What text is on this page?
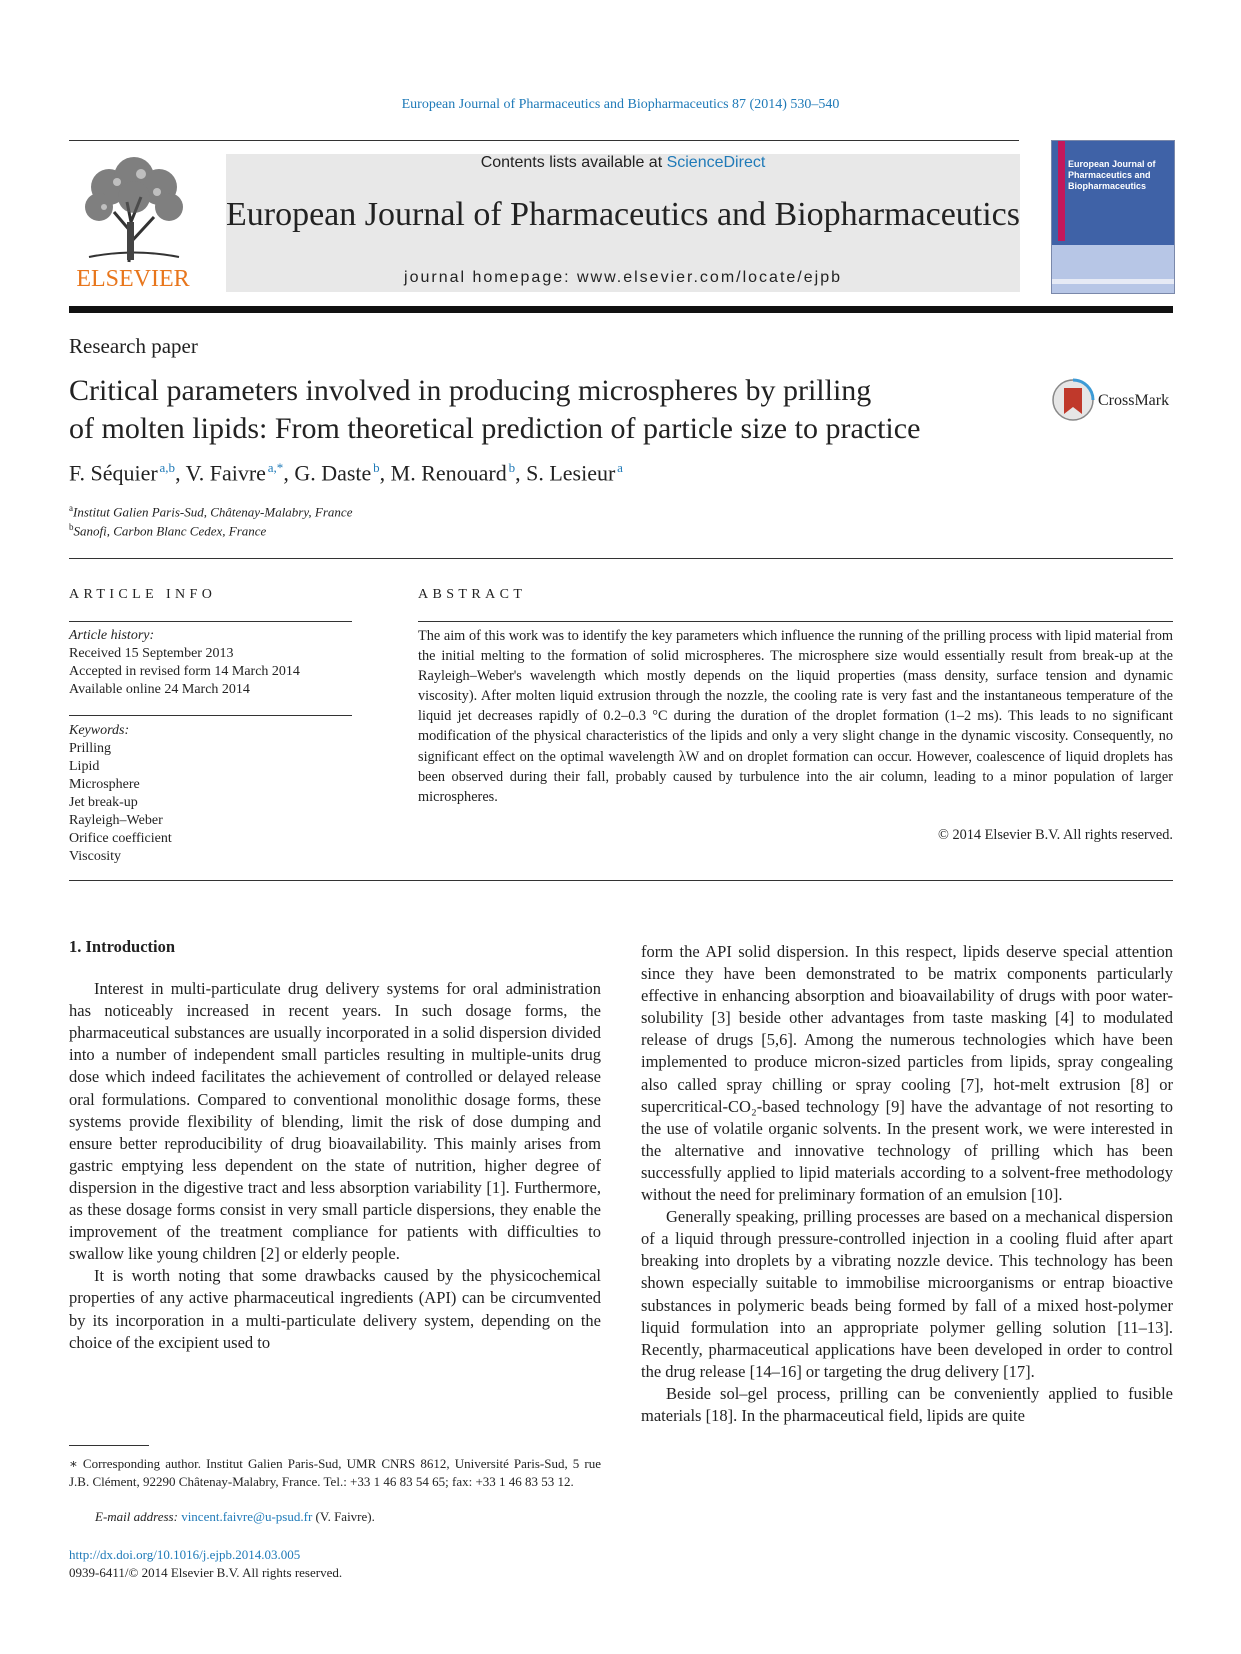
European Journal of Pharmaceutics and Biopharmaceutics 87 (2014) 530–540
ELSEVIER
Contents lists available at ScienceDirect
European Journal of Pharmaceutics and Biopharmaceutics
journal homepage: www.elsevier.com/locate/ejpb
European Journal of Pharmaceutics and Biopharmaceutics
Research paper
Critical parameters involved in producing microspheres by prilling
of molten lipids: From theoretical prediction of particle size to practice
CrossMark
F. Séquier  $^{a,b}$, V. Faivre  $^{a,*}$, G. Daste  $^b$, M. Renouard  $^b$, S. Lesieur  $^a$
$^a$Institut Galien Paris-Sud, Châtenay-Malabry, France
$^b$Sanofi, Carbon Blanc Cedex, France
ARTICLE INFO
Article history:
Received 15 September 2013
Accepted in revised form 14 March 2014
Available online 24 March 2014
Keywords:
Prilling
Lipid
Microsphere
Jet break-up
Rayleigh–Weber
Orifice coefficient
Viscosity
ABSTRACT

The aim of this work was to identify the key parameters which influence the running of the prilling process with lipid material from the initial melting to the formation of solid microspheres. The microsphere size would essentially result from break-up at the Rayleigh–Weber's wavelength which mostly depends on the liquid properties (mass density, surface tension and dynamic viscosity). After molten liquid extrusion through the nozzle, the cooling rate is very fast and the instantaneous temperature of the liquid jet decreases rapidly of 0.2–0.3 °C during the duration of the droplet formation (1–2 ms). This leads to no significant modification of the physical characteristics of the lipids and only a very slight change in the dynamic viscosity. Consequently, no significant effect on the optimal wavelength λW and on droplet formation can occur. However, coalescence of liquid droplets has been observed during their fall, probably caused by turbulence into the air column, leading to a minor population of larger microspheres.

© 2014 Elsevier B.V. All rights reserved.
1. Introduction

Interest in multi-particulate drug delivery systems for oral administration has noticeably increased in recent years. In such dosage forms, the pharmaceutical substances are usually incorporated in a solid dispersion divided into a number of independent small particles resulting in multiple-units drug dose which indeed facilitates the achievement of controlled or delayed release oral formulations. Compared to conventional monolithic dosage forms, these systems provide flexibility of blending, limit the risk of dose dumping and ensure better reproducibility of drug bioavailability. This mainly arises from gastric emptying less dependent on the state of nutrition, higher degree of dispersion in the digestive tract and less absorption variability [1]. Furthermore, as these dosage forms consist in very small particle dispersions, they enable the improvement of the treatment compliance for patients with difficulties to swallow like young children [2] or elderly people.

It is worth noting that some drawbacks caused by the physicochemical properties of any active pharmaceutical ingredients (API) can be circumvented by its incorporation in a multi-particulate delivery system, depending on the choice of the excipient used to

form the API solid dispersion. In this respect, lipids deserve special attention since they have been demonstrated to be matrix components particularly effective in enhancing absorption and bioavailability of drugs with poor water-solubility [3] beside other advantages from taste masking [4] to modulated release of drugs [5,6]. Among the numerous technologies which have been implemented to produce micron-sized particles from lipids, spray congealing also called spray chilling or spray cooling [7], hot-melt extrusion [8] or supercritical-CO₂-based technology [9] have the advantage of not resorting to the use of volatile organic solvents. In the present work, we were interested in the alternative and innovative technology of prilling which has been successfully applied to lipid materials according to a solvent-free methodology without the need for preliminary formation of an emulsion [10].

Generally speaking, prilling processes are based on a mechanical dispersion of a liquid through pressure-controlled injection in a cooling fluid after apart breaking into droplets by a vibrating nozzle device. This technology has been shown especially suitable to immobilise microorganisms or entrap bioactive substances in polymeric beads being formed by fall of a mixed host-polymer liquid formulation into an appropriate polymer gelling solution [11–13]. Recently, pharmaceutical applications have been developed in order to control the drug release [14–16] or targeting the drug delivery [17].

Beside sol–gel process, prilling can be conveniently applied to fusible materials [18]. In the pharmaceutical field, lipids are quite

∗ Corresponding author. Institut Galien Paris-Sud, UMR CNRS 8612, Université Paris-Sud, 5 rue J.B. Clément, 92290 Châtenay-Malabry, France. Tel.: +33 1 46 83 54 65; fax: +33 1 46 83 53 12.
E-mail address: vincent.faivre@u-psud.fr (V. Faivre).
http://dx.doi.org/10.1016/j.ejpb.2014.03.005
0939-6411/© 2014 Elsevier B.V. All rights reserved.
